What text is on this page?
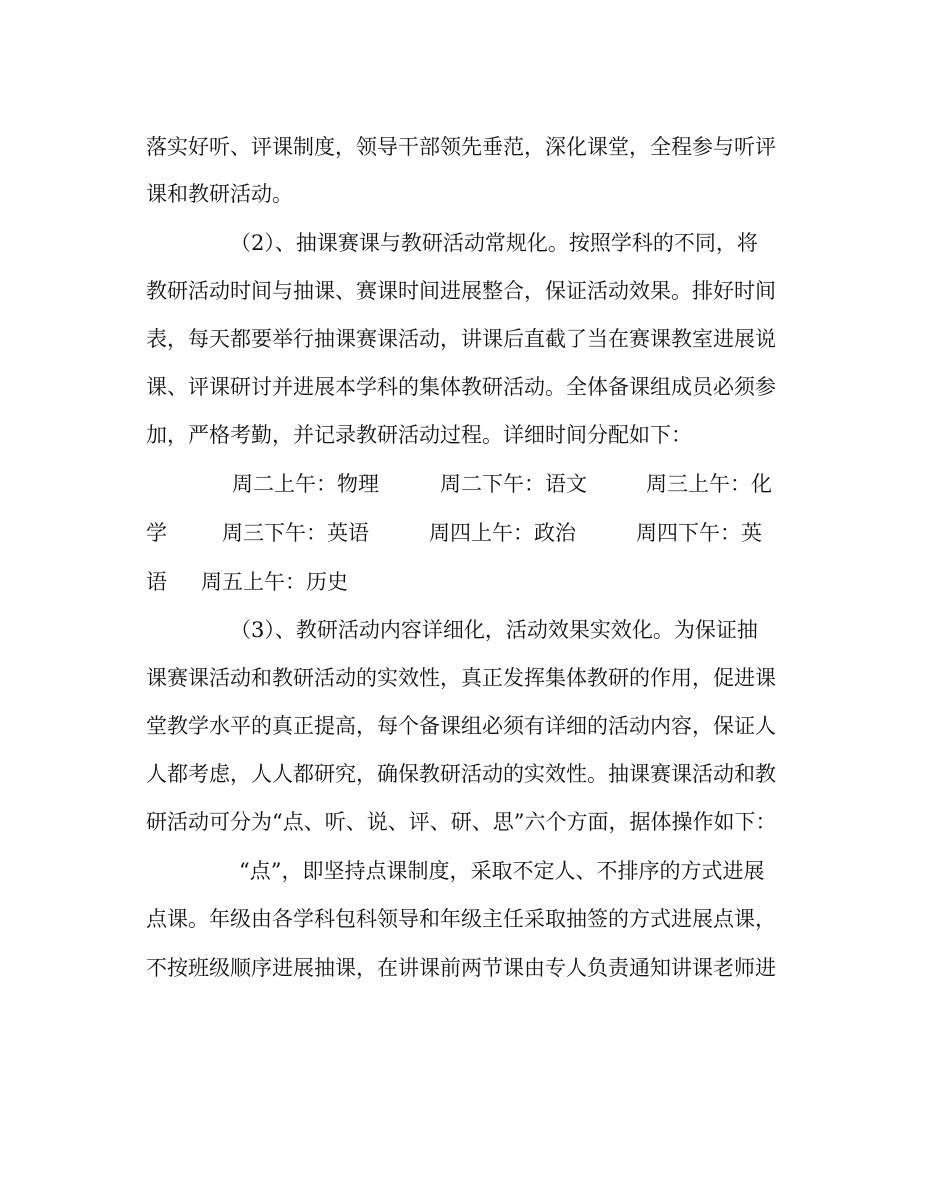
落实好听、评课制度，领导干部领先垂范，深化课堂，全程参与听评
课和教研活动。
（2）、抽课赛课与教研活动常规化。按照学科的不同，将
教研活动时间与抽课、赛课时间进展整合，保证活动效果。排好时间
表，每天都要举行抽课赛课活动，讲课后直截了当在赛课教室进展说
课、评课研讨并进展本学科的集体教研活动。全体备课组成员必须参
加，严格考勤，并记录教研活动过程。详细时间分配如下：
周二上午：物理	周二下午：语文	周三上午：化
学	周三下午：英语	周四上午：政治	周四下午：英
语 周五上午：历史
（3）、教研活动内容详细化，活动效果实效化。为保证抽
课赛课活动和教研活动的实效性，真正发挥集体教研的作用，促进课
堂教学水平的真正提高，每个备课组必须有详细的活动内容，保证人
人都考虑，人人都研究，确保教研活动的实效性。抽课赛课活动和教
研活动可分为“点、听、说、评、研、思”六个方面，据体操作如下：
“点”，即坚持点课制度，采取不定人、不排序的方式进展
点课。年级由各学科包科领导和年级主任采取抽签的方式进展点课，
不按班级顺序进展抽课，在讲课前两节课由专人负责通知讲课老师进
